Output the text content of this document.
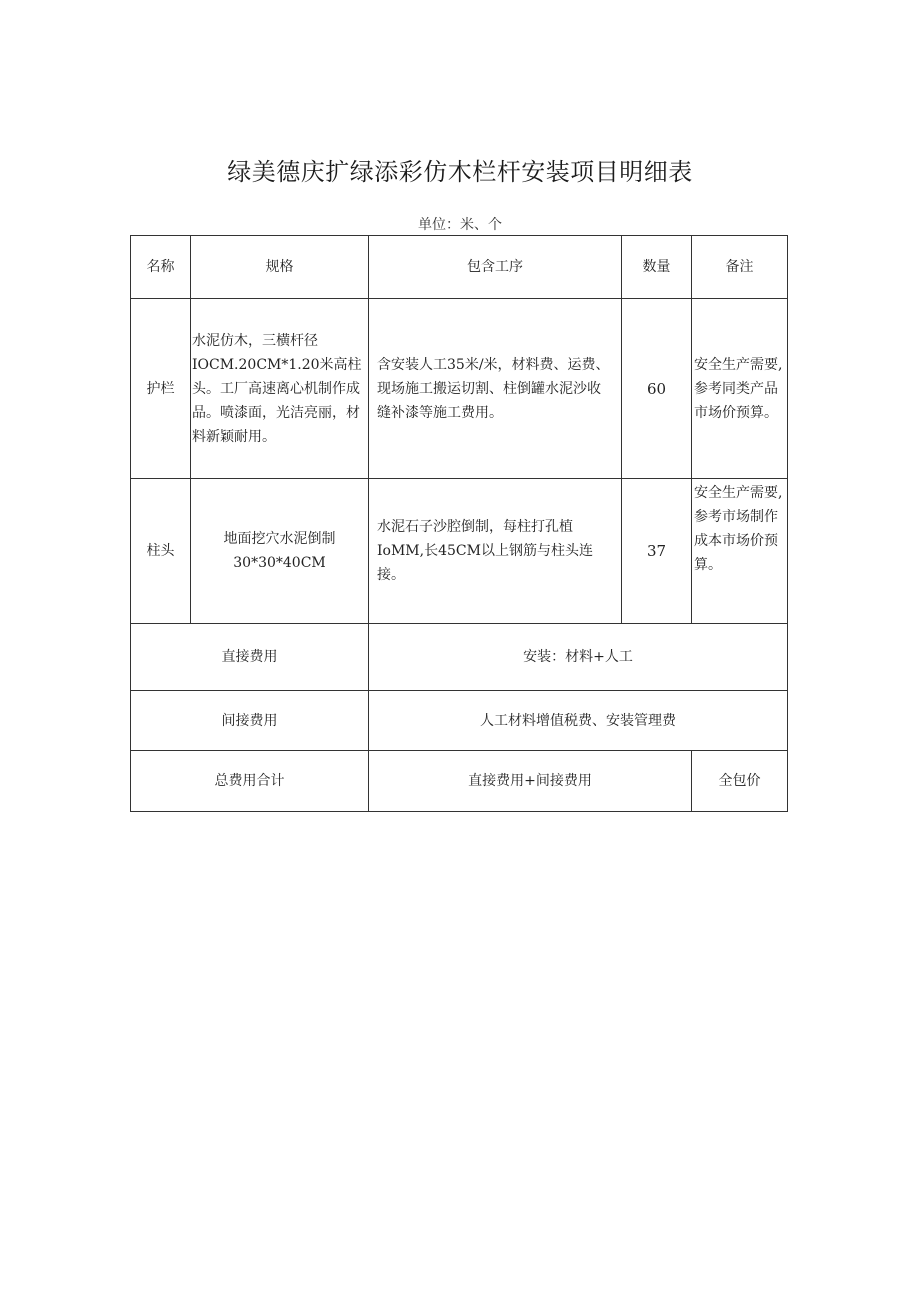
绿美德庆扩绿添彩仿木栏杆安装项目明细表
单位：米、个
名称	规格	包含工序	数量	备注
护栏	水泥仿木，三横杆径IOCM.20CM*1.20米高柱头。工厂高速离心机制作成品。喷漆面，光洁亮丽，材料新颖耐用。	含安装人工35米/米，材料费、运费、现场施工搬运切割、柱倒罐水泥沙收缝补漆等施工费用。	60	安全生产需要,参考同类产品市场价预算。
柱头	地面挖穴水泥倒制30*30*40CM	水泥石子沙腔倒制，每柱打孔植IoMM,长45CM以上钢筋与柱头连接。	37	安全生产需要,参考市场制作成本市场价预算。
直接费用		安装：材料+人工		
间接费用		人工材料增值税费、安装管理费		
总费用合计		直接费用+间接费用		全包价
